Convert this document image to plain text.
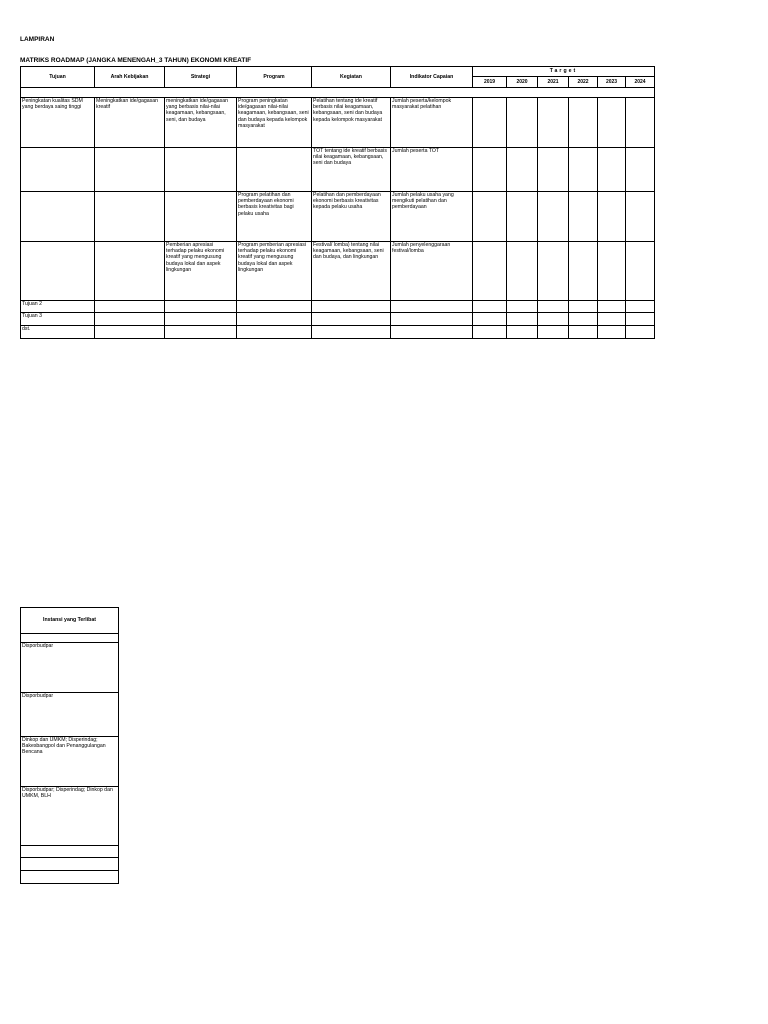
LAMPIRAN
MATRIKS ROADMAP (JANGKA MENENGAH_3 TAHUN) EKONOMI KREATIF
Tujuan	Arah Kebijakan	Strategi	Program	Kegiatan	Indikator Capaian	Target					
						2019	2020	2021	2022	2023	2024

Peningkatan kualitas SDM yang berdaya saing tinggi	Meningkatkan ide/gagasan kreatif	meningkatkan ide/gagasan yang berbasis nilai-nilai keagamaan, kebangsaan, seni, dan budaya	Program peningkatan ide/gagasan nilai-nilai keagamaan, kebangsaan, seni dan budaya kepada kelompok masyarakat	Pelatihan tentang ide kreatif berbasis nilai keagamaan, kebangsaan, seni dan budaya kepada kelompok masyarakat	Jumlah peserta/kelompok masyarakat pelatihan						
				TOT tentang ide kreatif berbasis nilai keagamaan, kebangsaan, seni dan budaya	Jumlah peserta TOT						
			Program pelatihan dan pemberdayaan ekonomi berbasis kreativitas bagi pelaku usaha	Pelatihan dan pemberdayaan ekonomi berbasis kreativitas kepada pelaku usaha	Jumlah pelaku usaha yang mengikuti pelatihan dan pemberdayaan						
		Pemberian apresiasi terhadap pelaku ekonomi kreatif yang mengusung budaya lokal dan aspek lingkungan	Program pemberian apresiasi terhadap pelaku ekonomi kreatif yang mengusung budaya lokal dan aspek lingkungan	Festival/ lomba) tentang nilai keagamaan, kebangsaan, seni dan budaya, dan lingkungan	Jumlah penyelenggaraan festival/lomba						
Tujuan 2											
Tujuan 3											
dst.											
Instansi yang Terlibat

Disporbudpar
Disporbudpar
Dinkop dan UMKM; Disperindag; Bakesbangpol dan Penanggulangan Bencana
Disporbudpar; Disperindag; Dinkop dan UMKM, BLH
